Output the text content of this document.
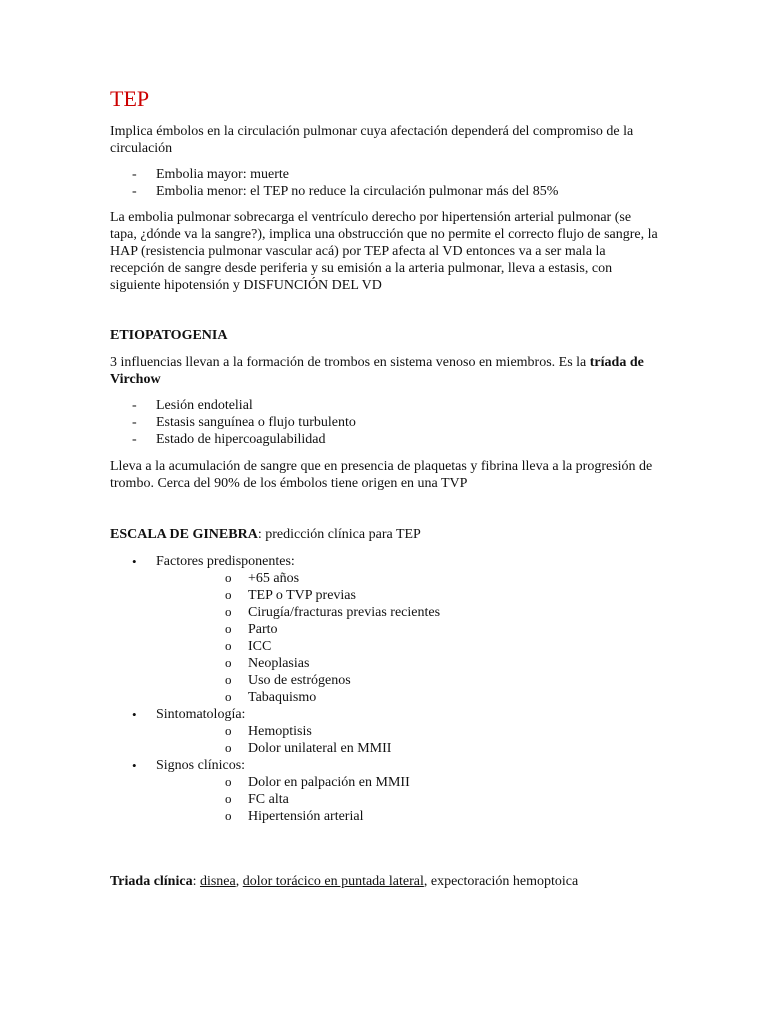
TEP

Implica émbolos en la circulación pulmonar cuya afectación dependerá del compromiso de la circulación

- Embolia mayor: muerte
- Embolia menor: el TEP no reduce la circulación pulmonar más del 85%

La embolia pulmonar sobrecarga el ventrículo derecho por hipertensión arterial pulmonar (se tapa, ¿dónde va la sangre?), implica una obstrucción que no permite el correcto flujo de sangre, la HAP (resistencia pulmonar vascular acá) por TEP afecta al VD entonces va a ser mala la recepción de sangre desde periferia y su emisión a la arteria pulmonar, lleva a estasis, con siguiente hipotensión y DISFUNCIÓN DEL VD

ETIOPATOGENIA

3 influencias llevan a la formación de trombos en sistema venoso en miembros. Es la tríada de Virchow

- Lesión endotelial
- Estasis sanguínea o flujo turbulento
- Estado de hipercoagulabilidad

Lleva a la acumulación de sangre que en presencia de plaquetas y fibrina lleva a la progresión de trombo. Cerca del 90% de los émbolos tiene origen en una TVP

ESCALA DE GINEBRA: predicción clínica para TEP

• Factores predisponentes:
o +65 años
o TEP o TVP previas
o Cirugía/fracturas previas recientes
o Parto
o ICC
o Neoplasias
o Uso de estrógenos
o Tabaquismo
• Sintomatología:
o Hemoptisis
o Dolor unilateral en MMII
• Signos clínicos:
o Dolor en palpación en MMII
o FC alta
o Hipertensión arterial

Triada clínica: disnea, dolor torácico en puntada lateral, expectoración hemoptoica
